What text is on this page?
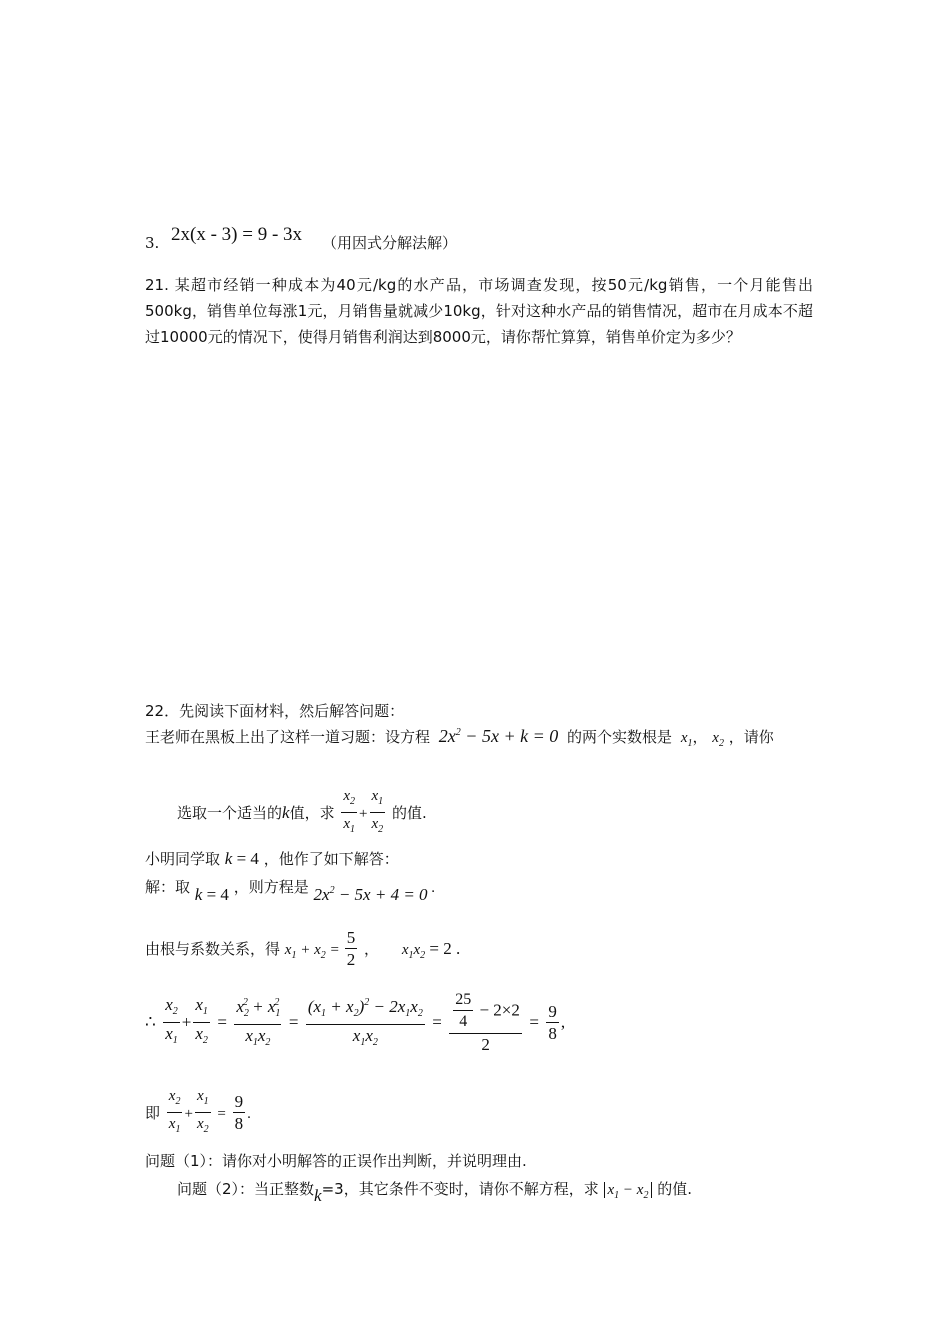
3. 2x(x - 3) = 9 - 3x （用因式分解法解）
21. 某超市经销一种成本为40元/kg的水产品，市场调查发现，按50元/kg销售，一个月能售出500kg，销售单位每涨1元，月销售量就减少10kg，针对这种水产品的销售情况，超市在月成本不超过10000元的情况下，使得月销售利润达到8000元，请你帮忙算算，销售单价定为多少？
22．先阅读下面材料，然后解答问题：
王老师在黑板上出了这样一道习题：设方程 $2x^2 - 5x + k = 0$ 的两个实数根是 $x_1$， $x_2$ ，请你
选取一个适当的k值，求 $\frac{x_2}{x_1} + \frac{x_1}{x_2}$ 的值.
小明同学取 k = 4 ，他作了如下解答：
解：取 k = 4 ，则方程是 $2x^2 - 5x + 4 = 0$ .
由根与系数关系，得 $x_1 + x_2 = \frac{5}{2}$ ， $x_1x_2 = 2$ .
∴ $\frac{x_2}{x_1} + \frac{x_1}{x_2} = \frac{x_2^2 + x_1^2}{x_1x_2} = \frac{(x_1 + x_2)^2 - 2x_1x_2}{x_1x_2} = \frac{\frac{25}{4} - 2\times 2}{2} = \frac{9}{8}$ ,
即 $\frac{x_2}{x_1} + \frac{x_1}{x_2} = \frac{9}{8}$ .
问题（1）：请你对小明解答的正误作出判断，并说明理由.
问题（2）：当正整数k=3，其它条件不变时，请你不解方程，求 $x_1 - x_2$ 的值.
